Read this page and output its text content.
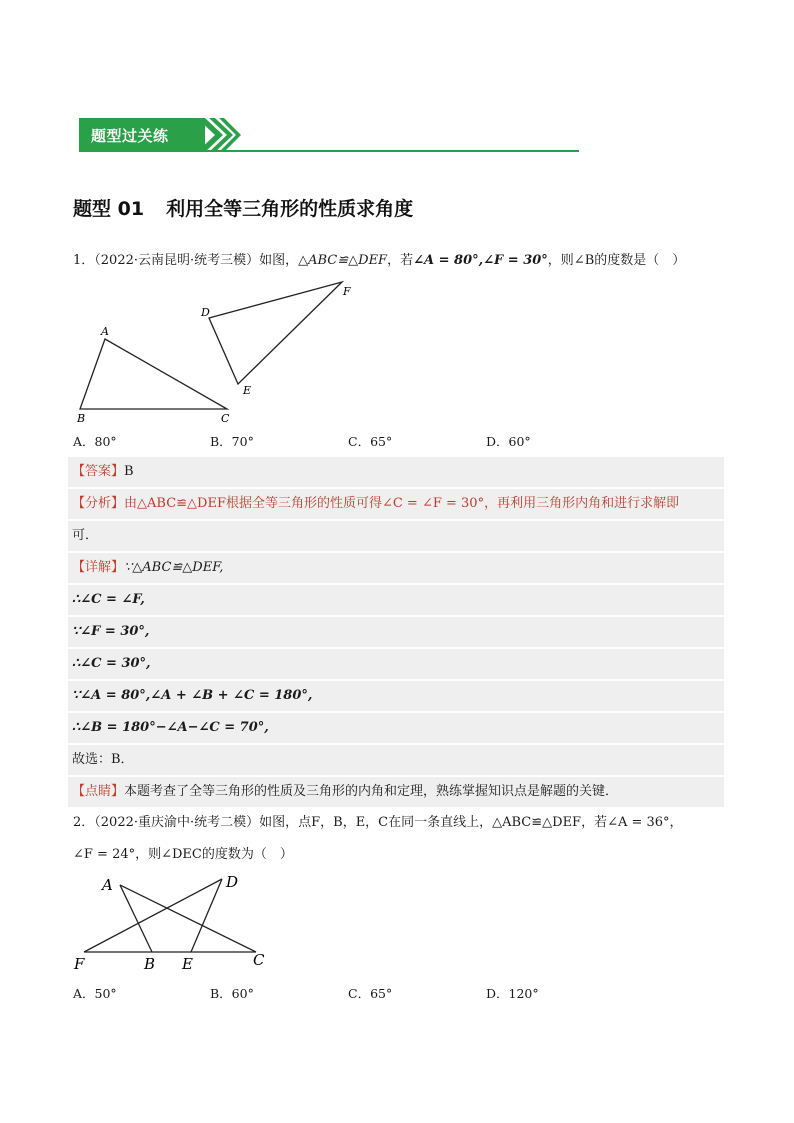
题型过关练
题型 01 利用全等三角形的性质求角度
1．（2022·云南昆明·统考三模）如图，△ABC≌△DEF，若∠A = 80°,∠F = 30°，则∠B的度数是（　）
A
B	C
D
E
F
A．80°	B．70°	C．65°	D．60°
【答案】B
【分析】由△ABC≌△DEF根据全等三角形的性质可得∠C = ∠F = 30°，再利用三角形内角和进行求解即
可．
【详解】∵△ABC≌△DEF,
∴∠C = ∠F,
∵∠F = 30°,
∴∠C = 30°,
∵∠A = 80°,∠A + ∠B + ∠C = 180°,
∴∠B = 180°−∠A−∠C = 70°,
故选：B．
【点睛】本题考查了全等三角形的性质及三角形的内角和定理，熟练掌握知识点是解题的关键．
2．（2022·重庆渝中·统考二模）如图，点F，B，E，C在同一条直线上，△ABC≌△DEF，若∠A = 36°，
∠F = 24°，则∠DEC的度数为（　）
A	D
F	B E	C
A．50°	B．60°	C．65°	D．120°
